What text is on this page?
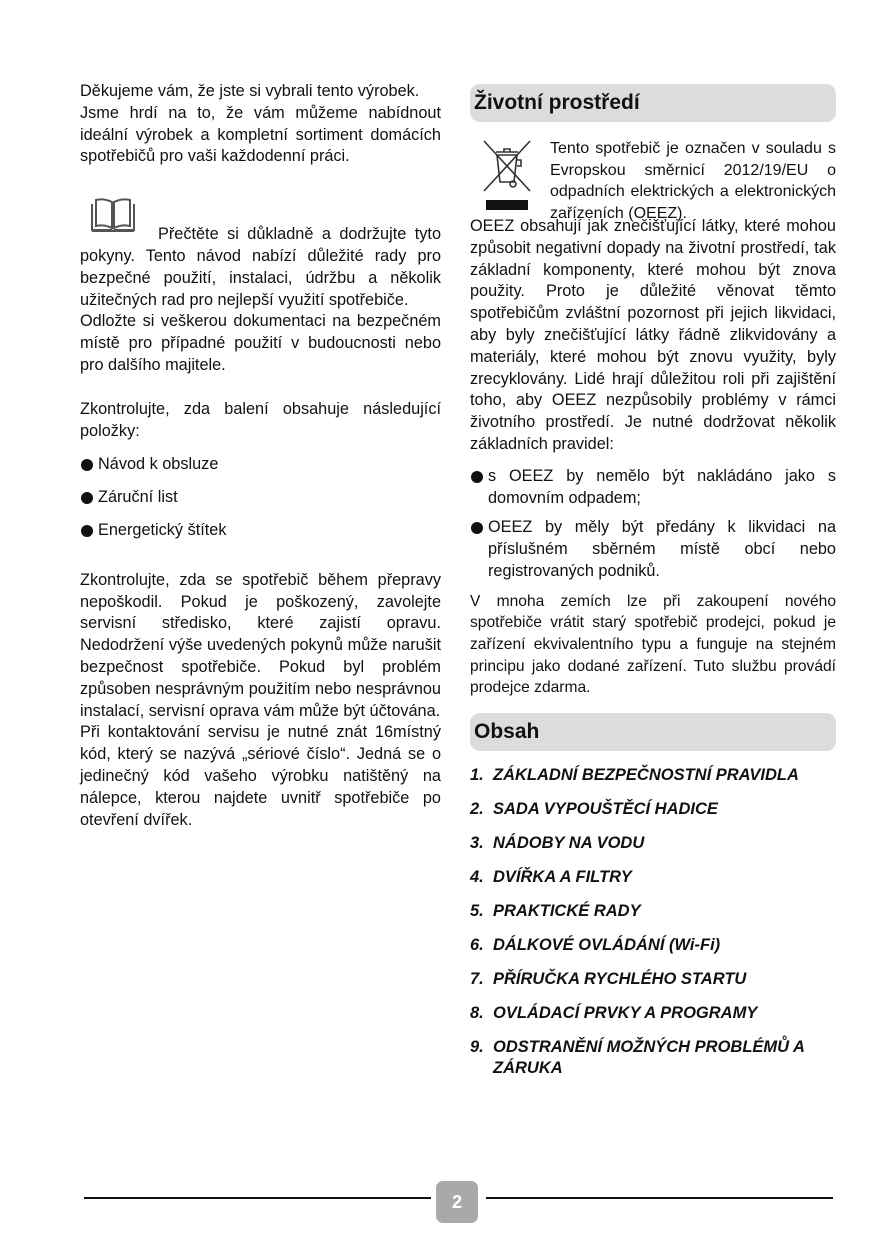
Děkujeme vám, že jste si vybrali tento výrobek.

Jsme hrdí na to, že vám můžeme nabídnout ideální výrobek a kompletní sortiment domácích spotřebičů pro vaši každodenní práci.

Přečtěte si důkladně a dodržujte tyto pokyny. Tento návod nabízí důležité rady pro bezpečné použití, instalaci, údržbu a několik užitečných rad pro nejlepší využití spotřebiče.

Odložte si veškerou dokumentaci na bezpečném místě pro případné použití v budoucnosti nebo pro dalšího majitele.

Zkontrolujte, zda balení obsahuje následující položky:

Návod k obsluze
Záruční list
Energetický štítek

Zkontrolujte, zda se spotřebič během přepravy nepoškodil. Pokud je poškozený, zavolejte servisní středisko, které zajistí opravu. Nedodržení výše uvedených pokynů může narušit bezpečnost spotřebiče. Pokud byl problém způsoben nesprávným použitím nebo nesprávnou instalací, servisní oprava vám může být účtována.

Při kontaktování servisu je nutné znát 16místný kód, který se nazývá „sériové číslo“. Jedná se o jedinečný kód vašeho výrobku natištěný na nálepce, kterou najdete uvnitř spotřebiče po otevření dvířek.

Životní prostředí

Tento spotřebič je označen v souladu s Evropskou směrnicí 2012/19/EU o odpadních elektrických a elektronických zařízeních (OEEZ).

OEEZ obsahují jak znečišťující látky, které mohou způsobit negativní dopady na životní prostředí, tak základní komponenty, které mohou být znova použity. Proto je důležité věnovat těmto spotřebičům zvláštní pozornost při jejich likvidaci, aby byly znečišťující látky řádně zlikvidovány a materiály, které mohou být znovu využity, byly zrecyklovány. Lidé hrají důležitou roli při zajištění toho, aby OEEZ nezpůsobily problémy v rámci životního prostředí. Je nutné dodržovat několik základních pravidel:

s OEEZ by nemělo být nakládáno jako s domovním odpadem;
OEEZ by měly být předány k likvidaci na příslušném sběrném místě obcí nebo registrovaných podniků.

V mnoha zemích lze při zakoupení nového spotřebiče vrátit starý spotřebič prodejci, pokud je zařízení ekvivalentního typu a funguje na stejném principu jako dodané zařízení. Tuto službu provádí prodejce zdarma.

Obsah
1. ZÁKLADNÍ BEZPEČNOSTNÍ PRAVIDLA
2. SADA VYPOUŠTĚCÍ HADICE
3. NÁDOBY NA VODU
4. DVÍŘKA A FILTRY
5. PRAKTICKÉ RADY
6. DÁLKOVÉ OVLÁDÁNÍ (Wi-Fi)
7. PŘÍRUČKA RYCHLÉHO STARTU
8. OVLÁDACÍ PRVKY A PROGRAMY
9. ODSTRANĚNÍ MOŽNÝCH PROBLÉMŮ A ZÁRUKA
2
